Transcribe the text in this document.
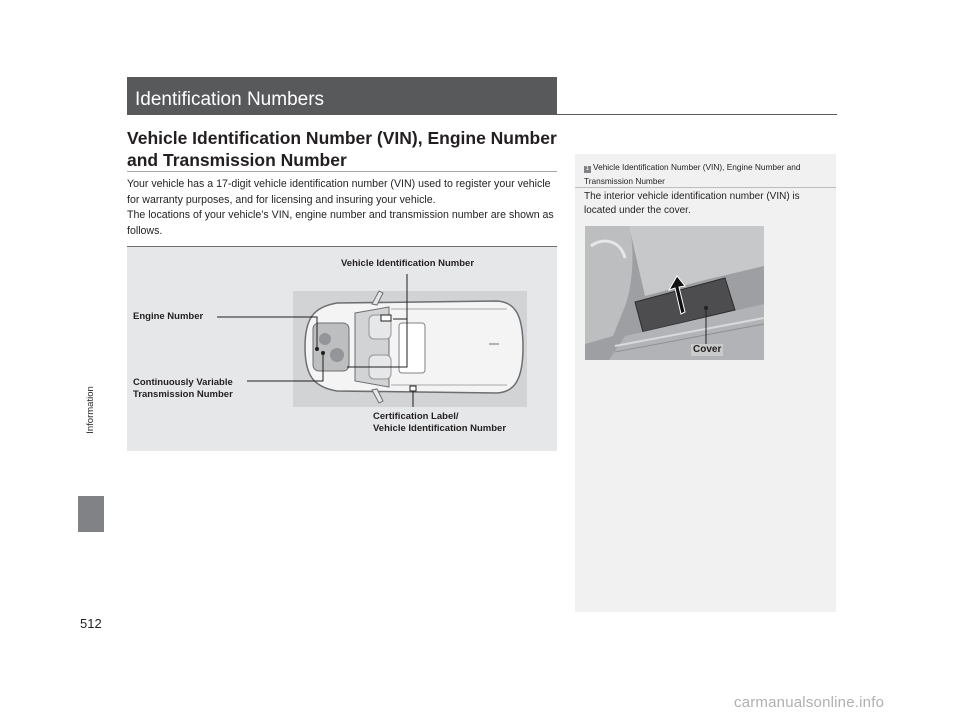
Identification Numbers
Vehicle Identification Number (VIN), Engine Number
and Transmission Number

Your vehicle has a 17-digit vehicle identification number (VIN) used to register your vehicle for warranty purposes, and for licensing and insuring your vehicle.

The locations of your vehicle’s VIN, engine number and transmission number are shown as follows.

Vehicle Identification Number
Engine Number
Continuously Variable
Transmission Number
Certification Label/
Vehicle Identification Number
Information
512
1 Vehicle Identification Number (VIN), Engine Number and Transmission Number
The interior vehicle identification number (VIN) is located under the cover.
Cover
carmanualsonline.info
